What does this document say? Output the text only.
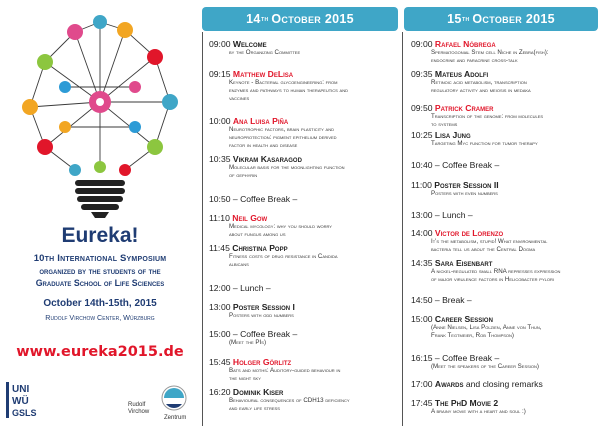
Eureka!
10th International Symposium
organized by the students of the
Graduate School of Life Sciences
October 14th-15th, 2015
Rudolf Virchow Center, Würzburg
www.eureka2015.de
UNI
WÜ
GSLS
Rudolf
Virchow
Zentrum
14 th October 2015
09:00 Welcome
by the Organizing Committee
09:15 Matthew DeLisa
Keynote - Bacterial glycoengineering: from
enzymes and pathways to human therapeutics and
vaccines
10:00 Ana Luisa Piña
Neurotrophic factors, brain plasticity and
neuroprotection: pigment epithelium derived
factor in health and disease
10:35 Vikram Kasaragod
Molecular basis for the moonlighting function
of gephyrin
10:50 – Coffee Break –
11:10 Neil Gow
Medical mycology: why you should worry
about fungus among us
11:45 Christina Popp
Fitness costs of drug resistance in Candida
albicans
12:00 – Lunch –
13:00 Poster Session I
Posters with odd numbers
15:00 – Coffee Break –
(Meet the PIs)
15:45 Holger Görlitz
Bats and moths: Auditory-guided behaviour in
the night sky
16:20 Dominik Kiser
Behavioural consequences of CDH13 deficiency
and early life stress
15 th October 2015
09:00 Rafael Nóbrega
Spermatogonial Stem cell Niche in Zebra(fish):
endocrine and paracrine cross-talk
09:35 Mateus Adolfi
Retinoic acid metabolism, transcription
regulatory activity and meiosis in medaka
09:50 Patrick Cramer
Transcription of the genome: from molecules
to systems
10:25 Lisa Jung
Targeting Myc function for tumor therapy
10:40 – Coffee Break –
11:00 Poster Session II
Posters with even numbers
13:00 – Lunch –
14:00 Victor de Lorenzo
It's the metabolism, stupid! What environmental
bacteria tell us about the Central Dogma
14:35 Sara Eisenbart
A nickel-regulated small RNA represses expression
of major virulence factors in Helicobacter pylori
14:50 – Break –
15:00 Career Session
(Anne Nielsen, Lisa Polzien, Anne von Thun,
Frank Tegtmeier, Rob Thompson)
16:15 – Coffee Break –
(Meet the speakers of the Career Session)
17:00 Awards and closing remarks
17:45 The PhD Movie 2
A brainy movie with a heart and soul :)
